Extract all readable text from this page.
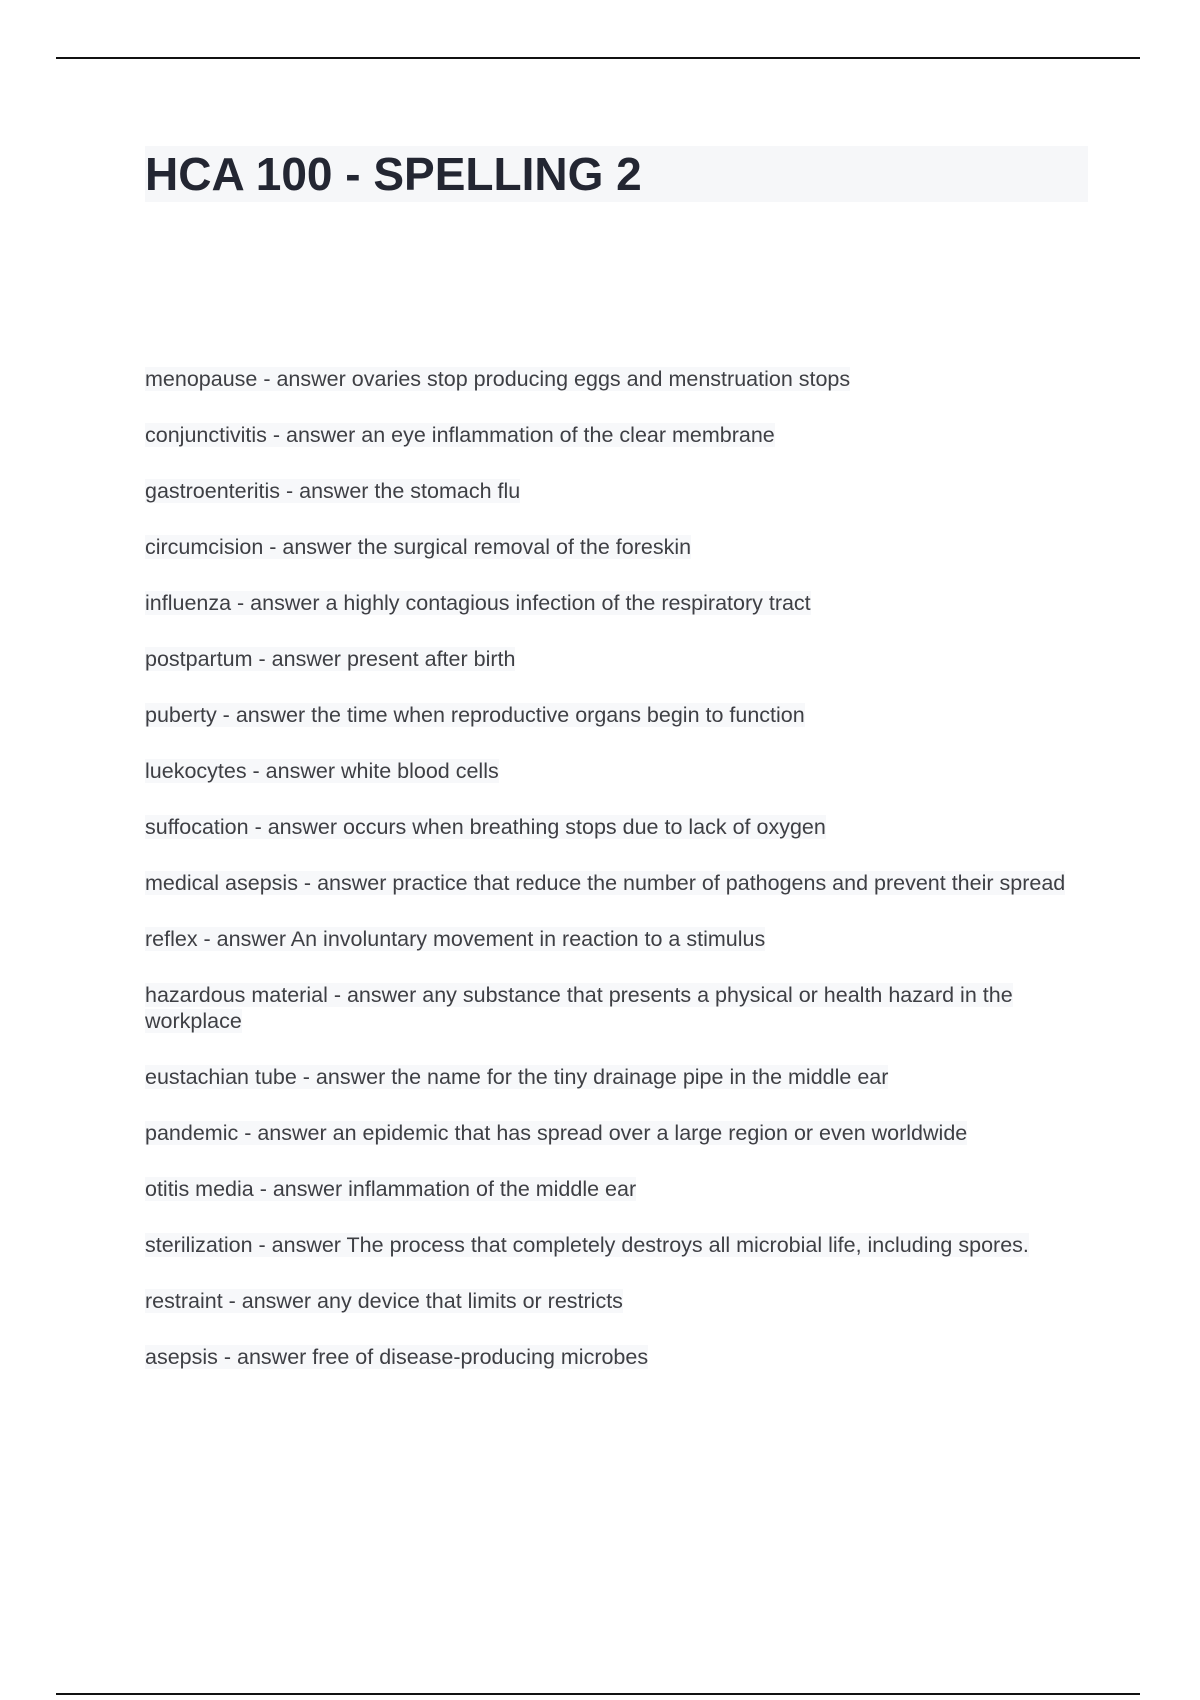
HCA 100 - SPELLING 2
menopause - answer ovaries stop producing eggs and menstruation stops
conjunctivitis - answer an eye inflammation of the clear membrane
gastroenteritis - answer the stomach flu
circumcision - answer the surgical removal of the foreskin
influenza - answer a highly contagious infection of the respiratory tract
postpartum - answer present after birth
puberty - answer the time when reproductive organs begin to function
luekocytes - answer white blood cells
suffocation - answer occurs when breathing stops due to lack of oxygen
medical asepsis - answer practice that reduce the number of pathogens and prevent their spread
reflex - answer An involuntary movement in reaction to a stimulus
hazardous material - answer any substance that presents a physical or health hazard in the workplace
eustachian tube - answer the name for the tiny drainage pipe in the middle ear
pandemic - answer an epidemic that has spread over a large region or even worldwide
otitis media - answer inflammation of the middle ear
sterilization - answer The process that completely destroys all microbial life, including spores.
restraint - answer any device that limits or restricts
asepsis - answer free of disease-producing microbes
